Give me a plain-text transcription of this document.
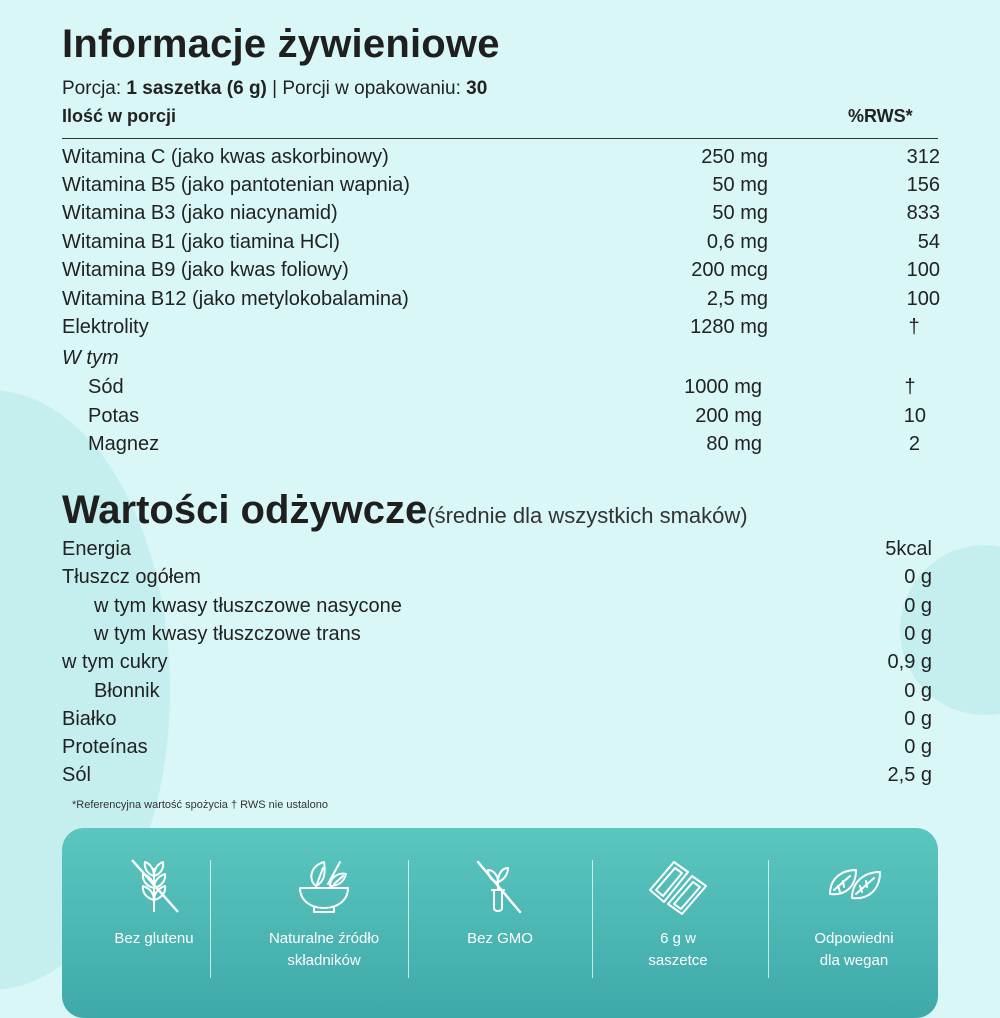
Informacje żywieniowe
Porcja: 1 saszetka (6 g) | Porcji w opakowaniu: 30
Ilość w porcji	%RWS*
Witamina C (jako kwas askorbinowy)	250 mg	312
Witamina B5 (jako pantotenian wapnia)	50 mg	156
Witamina B3 (jako niacynamid)	50 mg	833
Witamina B1 (jako tiamina HCl)	0,6 mg	54
Witamina B9 (jako kwas foliowy)	200 mcg	100
Witamina B12 (jako metylokobalamina)	2,5 mg	100
Elektrolity	1280 mg	†
W tym
Sód	1000 mg	†
Potas	200 mg	10
Magnez	80 mg	2
Wartości odżywcze(średnie dla wszystkich smaków)
Energia	5kcal
Tłuszcz ogółem	0 g
w tym kwasy tłuszczowe nasycone	0 g
w tym kwasy tłuszczowe trans	0 g
w tym cukry	0,9 g
Błonnik	0 g
Białko	0 g
Proteínas	0 g
Sól	2,5 g
*Referencyjna wartość spożycia † RWS nie ustalono
Bez glutenu	Naturalne źródło składników
Bez GMO	6 g w saszetce
Odpowiedni dla wegan
